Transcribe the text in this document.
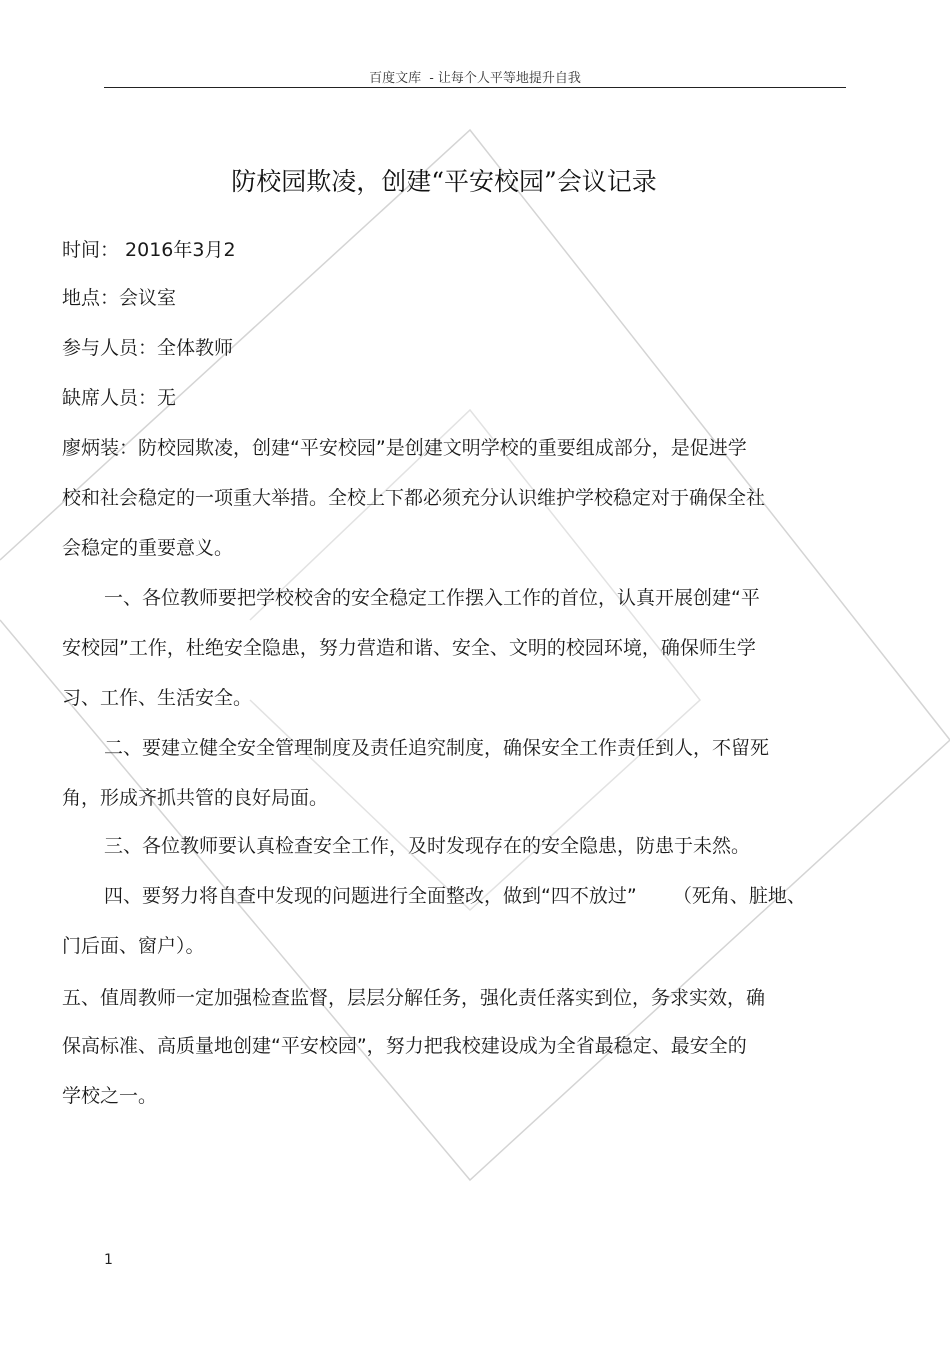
百度文库  - 让每个人平等地提升自我
防校园欺凌，创建“平安校园”会议记录
时间： 2016年3月2
地点：会议室
参与人员：全体教师
缺席人员：无
廖炳装：防校园欺凌，创建“平安校园”是创建文明学校的重要组成部分，是促进学
校和社会稳定的一项重大举措。全校上下都必须充分认识维护学校稳定对于确保全社
会稳定的重要意义。
一、各位教师要把学校校舍的安全稳定工作摆入工作的首位，认真开展创建“平
安校园”工作，杜绝安全隐患，努力营造和谐、安全、文明的校园环境，确保师生学
习、工作、生活安全。
二、要建立健全安全管理制度及责任追究制度，确保安全工作责任到人，不留死
角，形成齐抓共管的良好局面。
三、各位教师要认真检查安全工作，及时发现存在的安全隐患，防患于未然。
四、要努力将自查中发现的问题进行全面整改，做到“四不放过”      （死角、脏地、
门后面、窗户）。
五、值周教师一定加强检查监督，层层分解任务，强化责任落实到位，务求实效，确
保高标准、高质量地创建“平安校园”，努力把我校建设成为全省最稳定、最安全的
学校之一。
1
